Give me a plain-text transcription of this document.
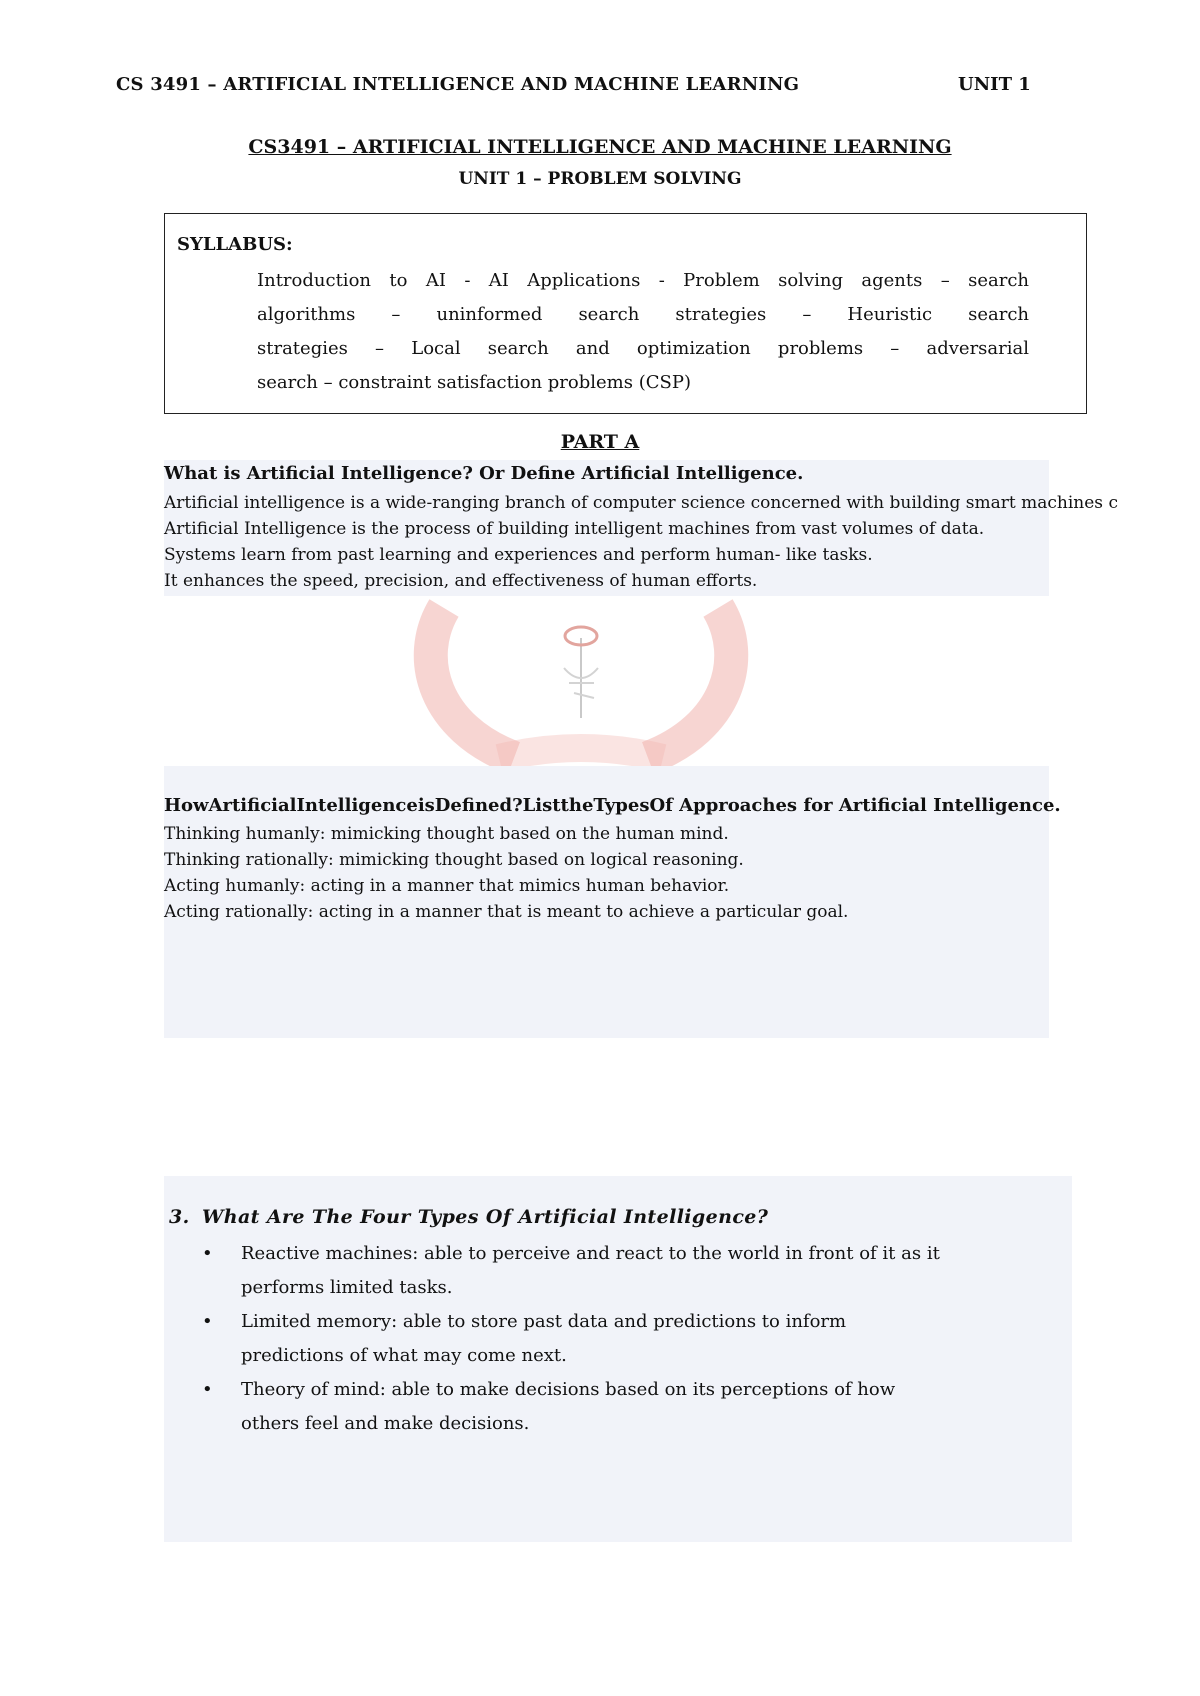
CS 3491 – ARTIFICIAL INTELLIGENCE AND MACHINE LEARNING	UNIT 1
CS3491 – ARTIFICIAL INTELLIGENCE AND MACHINE LEARNING
UNIT 1 – PROBLEM SOLVING
SYLLABUS:
Introduction to AI - AI Applications - Problem solving agents – search
algorithms – uninformed search strategies – Heuristic search
strategies – Local search and optimization problems – adversarial
search – constraint satisfaction problems (CSP)
PART A
What is Artificial Intelligence? Or Define Artificial Intelligence.
Artificial intelligence is a wide-ranging branch of computer science concerned with building smart machines c
Artificial Intelligence is the process of building intelligent machines from vast volumes of data.
Systems learn from past learning and experiences and perform human- like tasks.
It enhances the speed, precision, and effectiveness of human efforts.
HowArtificialIntelligenceisDefined?ListtheTypesOf Approaches for Artificial Intelligence.
Thinking humanly: mimicking thought based on the human mind.
Thinking rationally: mimicking thought based on logical reasoning.
Acting humanly: acting in a manner that mimics human behavior.
Acting rationally: acting in a manner that is meant to achieve a particular goal.
3. What Are The Four Types Of Artificial Intelligence?
• Reactive machines: able to perceive and react to the world in front of it as it
performs limited tasks.
• Limited memory: able to store past data and predictions to inform
predictions of what may come next.
• Theory of mind: able to make decisions based on its perceptions of how
others feel and make decisions.
